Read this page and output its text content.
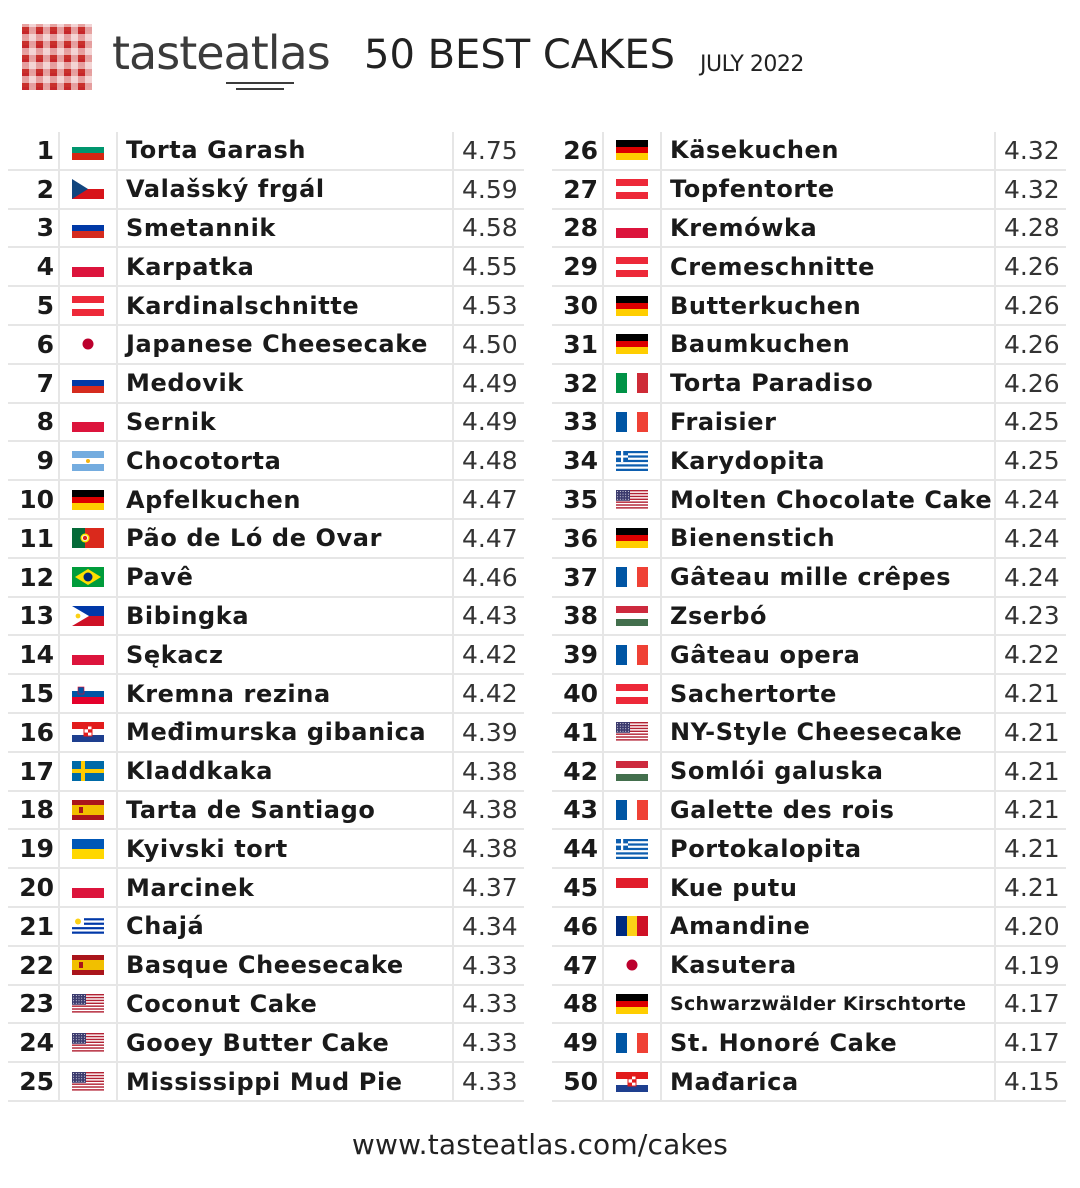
tasteatlas 50 BEST CAKES JULY 2022
1	Torta Garash	4.75
2	Valašský frgál	4.59
3	Smetannik	4.58
4	Karpatka	4.55
5	Kardinalschnitte	4.53
6	Japanese Cheesecake	4.50
7	Medovik	4.49
8	Sernik	4.49
9	Chocotorta	4.48
10	Apfelkuchen	4.47
11	Pão de Ló de Ovar	4.47
12	Pavê	4.46
13	Bibingka	4.43
14	Sękacz	4.42
15	Kremna rezina	4.42
16	Međimurska gibanica	4.39
17	Kladdkaka	4.38
18	Tarta de Santiago	4.38
19	Kyivski tort	4.38
20	Marcinek	4.37
21	Chajá	4.34
22	Basque Cheesecake	4.33
23	Coconut Cake	4.33
24	Gooey Butter Cake	4.33
25	Mississippi Mud Pie	4.33
26	Käsekuchen	4.32
27	Topfentorte	4.32
28	Kremówka	4.28
29	Cremeschnitte	4.26
30	Butterkuchen	4.26
31	Baumkuchen	4.26
32	Torta Paradiso	4.26
33	Fraisier	4.25
34	Karydopita	4.25
35	Molten Chocolate Cake 4.24
36	Bienenstich	4.24
37	Gâteau mille crêpes	4.24
38	Zserbó	4.23
39	Gâteau opera	4.22
40	Sachertorte	4.21
41	NY-Style Cheesecake	4.21
42	Somlói galuska	4.21
43	Galette des rois	4.21
44	Portokalopita	4.21
45	Kue putu	4.21
46	Amandine	4.20
47	Kasutera	4.19
48	Schwarzwälder Kirschtorte	4.17
49	St. Honoré Cake	4.17
50	Mađarica	4.15
www.tasteatlas.com/cakes
